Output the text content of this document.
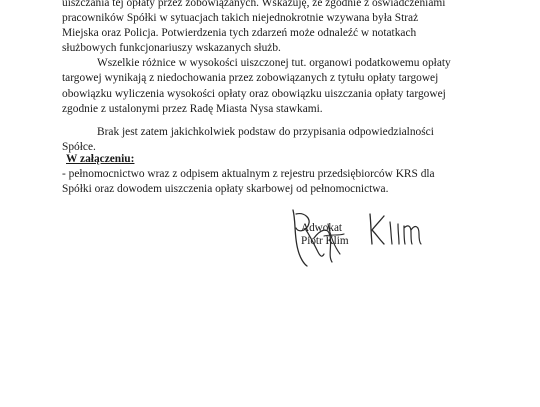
uiszczania tej opłaty przez zobowiązanych. Wskazuję, że zgodnie z oświadczeniami
pracowników Spółki w sytuacjach takich niejednokrotnie wzywana była Straż
Miejska oraz Policja. Potwierdzenia tych zdarzeń może odnaleźć w notatkach
służbowych funkcjonariuszy wskazanych służb.

Wszelkie różnice w wysokości uiszczonej tut. organowi podatkowemu opłaty
targowej wynikają z niedochowania przez zobowiązanych z tytułu opłaty targowej
obowiązku wyliczenia wysokości opłaty oraz obowiązku uiszczania opłaty targowej
zgodnie z ustalonymi przez Radę Miasta Nysa stawkami.

Brak jest zatem jakichkolwiek podstaw do przypisania odpowiedzialności
Spółce.

W załączeniu:
- pełnomocnictwo wraz z odpisem aktualnym z rejestru przedsiębiorców KRS dla
Spółki oraz dowodem uiszczenia opłaty skarbowej od pełnomocnictwa.
Adwokat
Piotr Klim
